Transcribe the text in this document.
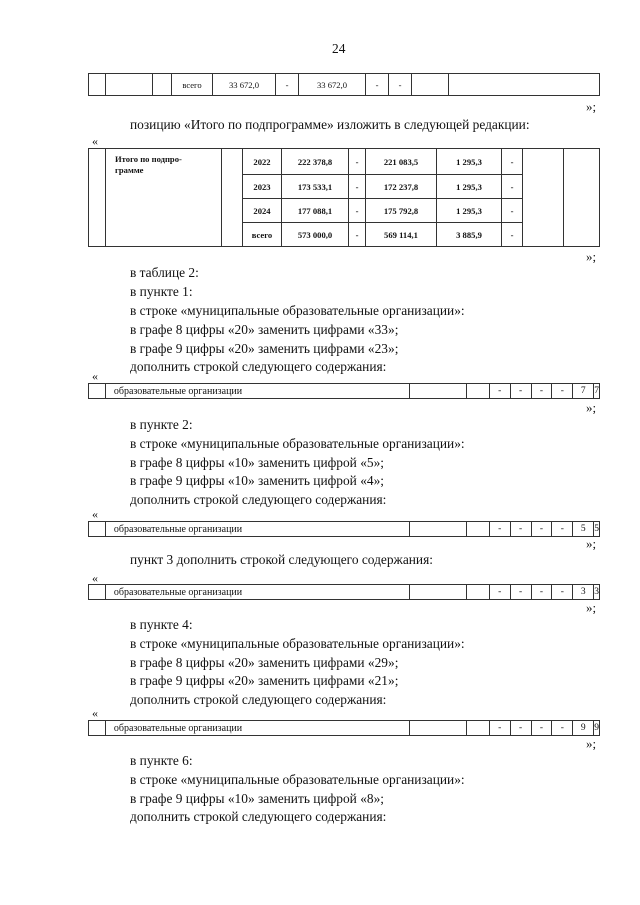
24
			всего	33 672,0	-	33 672,0	-	-		
»;
позицию «Итого по подпрограмме» изложить в следующей редакции:
«
	Итого по подпро-
грамме		2022	222 378,8	-	221 083,5	1 295,3	-		
			2023	173 533,1	-	172 237,8	1 295,3	-		
			2024	177 088,1	-	175 792,8	1 295,3	-		
			всего	573 000,0	-	569 114,1	3 885,9	-		
»;
в таблице 2:
в пункте 1:
в строке «муниципальные образовательные организации»:
в графе 8 цифры «20» заменить цифрами «33»;
в графе 9 цифры «20» заменить цифрами «23»;
дополнить строкой следующего содержания:
«
	образовательные организации			-	-	-	-	7	7
»;
в пункте 2:
в строке «муниципальные образовательные организации»:
в графе 8 цифры «10» заменить цифрой «5»;
в графе 9 цифры «10» заменить цифрой «4»;
дополнить строкой следующего содержания:
«
	образовательные организации			-	-	-	-	5	5
»;
пункт 3 дополнить строкой следующего содержания:
«
	образовательные организации			-	-	-	-	3	3
»;
в пункте 4:
в строке «муниципальные образовательные организации»:
в графе 8 цифры «20» заменить цифрами «29»;
в графе 9 цифры «20» заменить цифрами «21»;
дополнить строкой следующего содержания:
«
	образовательные организации			-	-	-	-	9	9
»;
в пункте 6:
в строке «муниципальные образовательные организации»:
в графе 9 цифры «10» заменить цифрой «8»;
дополнить строкой следующего содержания:
